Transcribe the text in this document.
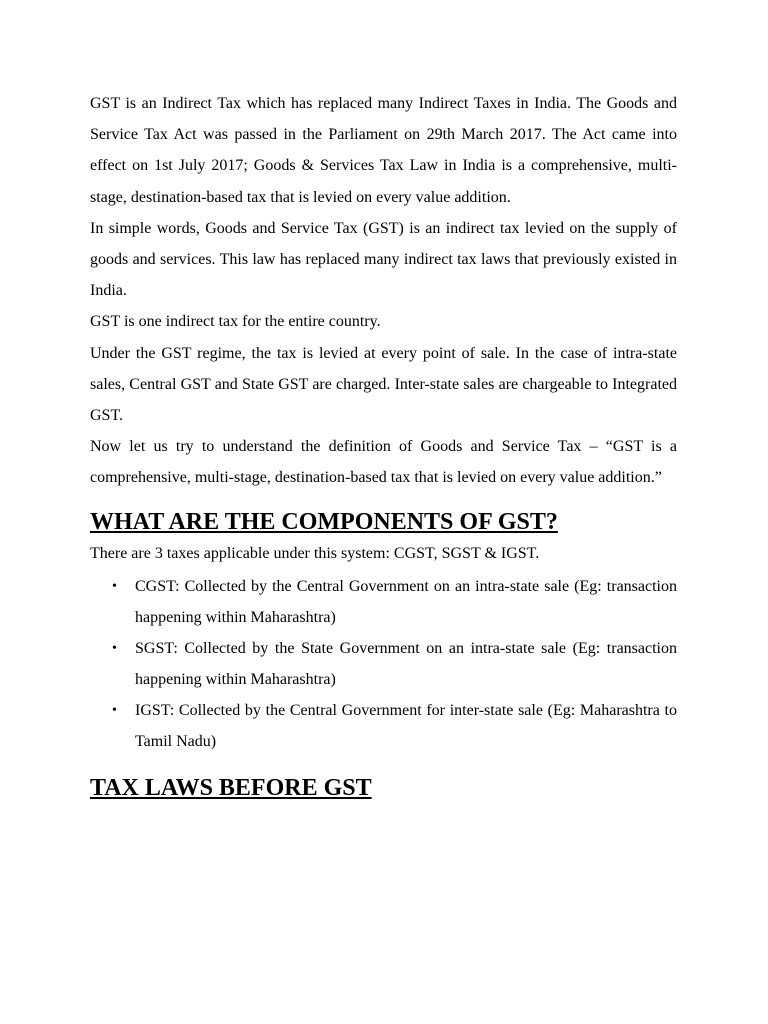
GST is an Indirect Tax which has replaced many Indirect Taxes in India. The Goods and Service Tax Act was passed in the Parliament on 29th March 2017. The Act came into effect on 1st July 2017; Goods & Services Tax Law in India is a comprehensive, multi-stage, destination-based tax that is levied on every value addition.

In simple words, Goods and Service Tax (GST) is an indirect tax levied on the supply of goods and services. This law has replaced many indirect tax laws that previously existed in India.

GST is one indirect tax for the entire country.

Under the GST regime, the tax is levied at every point of sale. In the case of intra-state sales, Central GST and State GST are charged. Inter-state sales are chargeable to Integrated GST.

Now let us try to understand the definition of Goods and Service Tax – “GST is a comprehensive, multi-stage, destination-based tax that is levied on every value addition.”

WHAT ARE THE COMPONENTS OF GST?

There are 3 taxes applicable under this system: CGST, SGST & IGST.

• CGST: Collected by the Central Government on an intra-state sale (Eg: transaction happening within Maharashtra)
• SGST: Collected by the State Government on an intra-state sale (Eg: transaction happening within Maharashtra)
• IGST: Collected by the Central Government for inter-state sale (Eg: Maharashtra to Tamil Nadu)
TAX LAWS BEFORE GST
